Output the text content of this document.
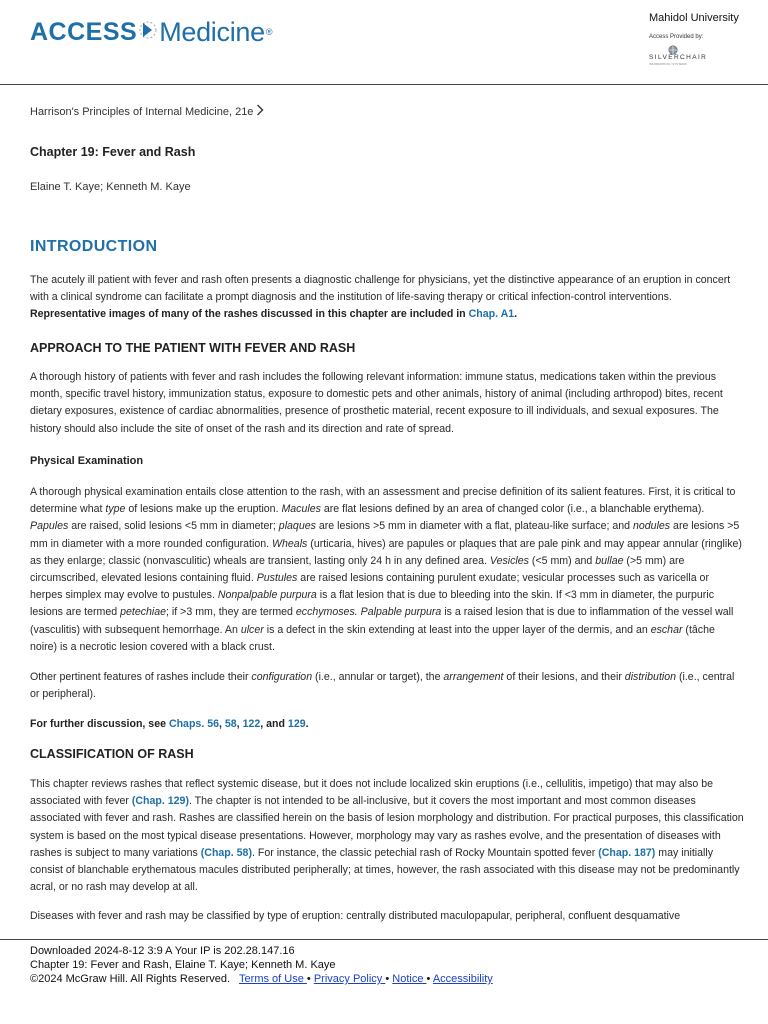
ACCESS Medicine ®
Mahidol University
Access Provided by:
SILVERCHAIR
INFORMATION / SYSTEMS
Harrison's Principles of Internal Medicine, 21e
Chapter 19: Fever and Rash
Elaine T. Kaye; Kenneth M. Kaye
INTRODUCTION

The acutely ill patient with fever and rash often presents a diagnostic challenge for physicians, yet the distinctive appearance of an eruption in concert with a clinical syndrome can facilitate a prompt diagnosis and the institution of life-saving therapy or critical infection-control interventions. Representative images of many of the rashes discussed in this chapter are included in Chap. A1.

APPROACH TO THE PATIENT WITH FEVER AND RASH

A thorough history of patients with fever and rash includes the following relevant information: immune status, medications taken within the previous month, specific travel history, immunization status, exposure to domestic pets and other animals, history of animal (including arthropod) bites, recent dietary exposures, existence of cardiac abnormalities, presence of prosthetic material, recent exposure to ill individuals, and sexual exposures. The history should also include the site of onset of the rash and its direction and rate of spread.

Physical Examination

A thorough physical examination entails close attention to the rash, with an assessment and precise definition of its salient features. First, it is critical to determine what type of lesions make up the eruption. Macules are flat lesions defined by an area of changed color (i.e., a blanchable erythema). Papules are raised, solid lesions <5 mm in diameter; plaques are lesions >5 mm in diameter with a flat, plateau-like surface; and nodules are lesions >5 mm in diameter with a more rounded configuration. Wheals (urticaria, hives) are papules or plaques that are pale pink and may appear annular (ringlike) as they enlarge; classic (nonvasculitic) wheals are transient, lasting only 24 h in any defined area. Vesicles (<5 mm) and bullae (>5 mm) are circumscribed, elevated lesions containing fluid. Pustules are raised lesions containing purulent exudate; vesicular processes such as varicella or herpes simplex may evolve to pustules. Nonpalpable purpura is a flat lesion that is due to bleeding into the skin. If <3 mm in diameter, the purpuric lesions are termed petechiae; if >3 mm, they are termed ecchymoses. Palpable purpura is a raised lesion that is due to inflammation of the vessel wall (vasculitis) with subsequent hemorrhage. An ulcer is a defect in the skin extending at least into the upper layer of the dermis, and an eschar (tâche noire) is a necrotic lesion covered with a black crust.

Other pertinent features of rashes include their configuration (i.e., annular or target), the arrangement of their lesions, and their distribution (i.e., central or peripheral).

For further discussion, see Chaps. 56, 58, 122, and 129.

CLASSIFICATION OF RASH

This chapter reviews rashes that reflect systemic disease, but it does not include localized skin eruptions (i.e., cellulitis, impetigo) that may also be associated with fever (Chap. 129). The chapter is not intended to be all-inclusive, but it covers the most important and most common diseases associated with fever and rash. Rashes are classified herein on the basis of lesion morphology and distribution. For practical purposes, this classification system is based on the most typical disease presentations. However, morphology may vary as rashes evolve, and the presentation of diseases with rashes is subject to many variations (Chap. 58). For instance, the classic petechial rash of Rocky Mountain spotted fever (Chap. 187) may initially consist of blanchable erythematous macules distributed peripherally; at times, however, the rash associated with this disease may not be predominantly acral, or no rash may develop at all.

Diseases with fever and rash may be classified by type of eruption: centrally distributed maculopapular, peripheral, confluent desquamative

Downloaded 2024-8-12 3:9 A Your IP is 202.28.147.16
Chapter 19: Fever and Rash, Elaine T. Kaye; Kenneth M. Kaye
©2024 McGraw Hill. All Rights Reserved. Terms of Use • Privacy Policy • Notice • Accessibility
